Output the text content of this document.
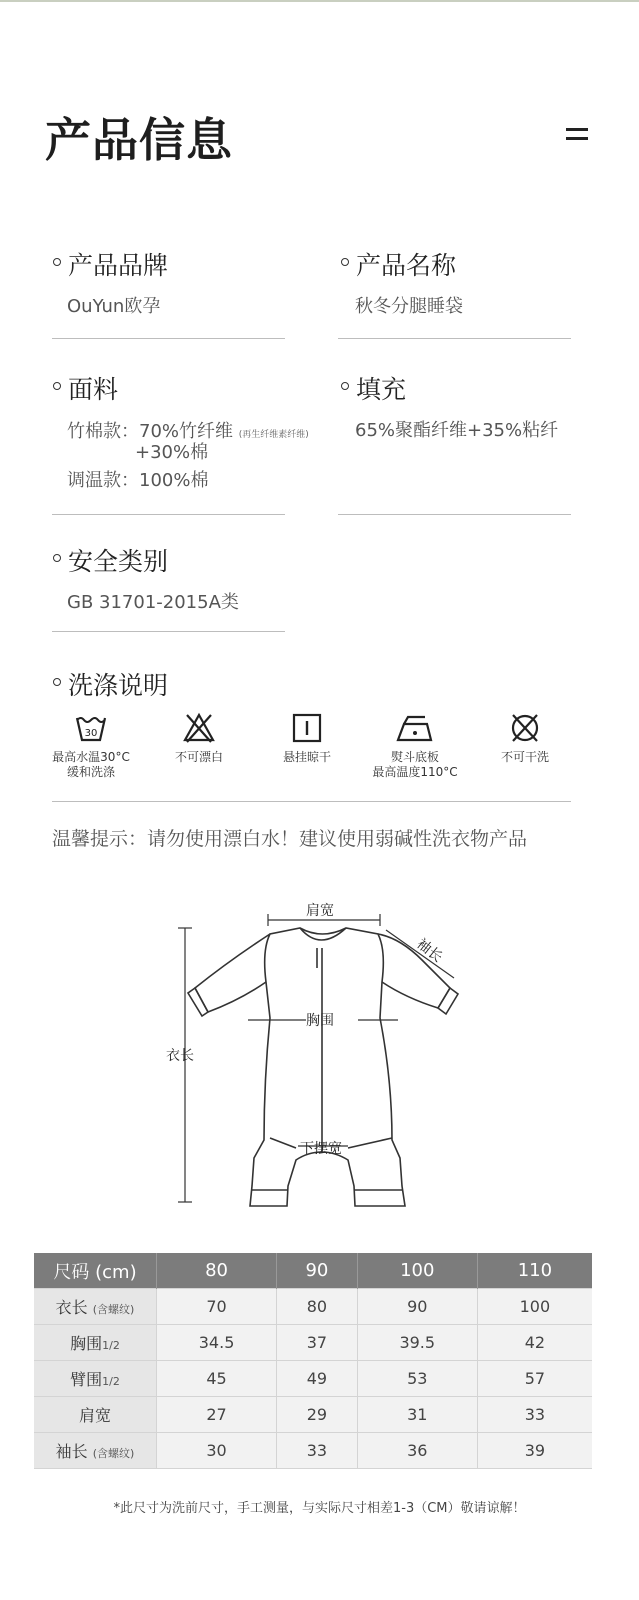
产品信息
产品品牌
OuYun欧孕
产品名称
秋冬分腿睡袋
面料
竹棉款：70%竹纤维 (再生纤维素纤维)
+30%棉
调温款：100%棉
填充
65%聚酯纤维+35%粘纤
安全类别
GB 31701-2015A类
洗涤说明
30
最高水温30°C
缓和洗涤
不可漂白	悬挂晾干	熨斗底板
最高温度110°C
不可干洗
温馨提示：请勿使用漂白水！建议使用弱碱性洗衣物产品
肩宽
袖长
胸围
衣长
下摆宽
尺码 (cm)	80	90	100	110
衣长 (含螺纹)	70	80	90	100
胸围1/2	34.5	37	39.5	42
臂围1/2	45	49	53	57
肩宽	27	29	31	33
袖长 (含螺纹)	30	33	36	39
*此尺寸为洗前尺寸，手工测量，与实际尺寸相差1-3（CM）敬请谅解！
